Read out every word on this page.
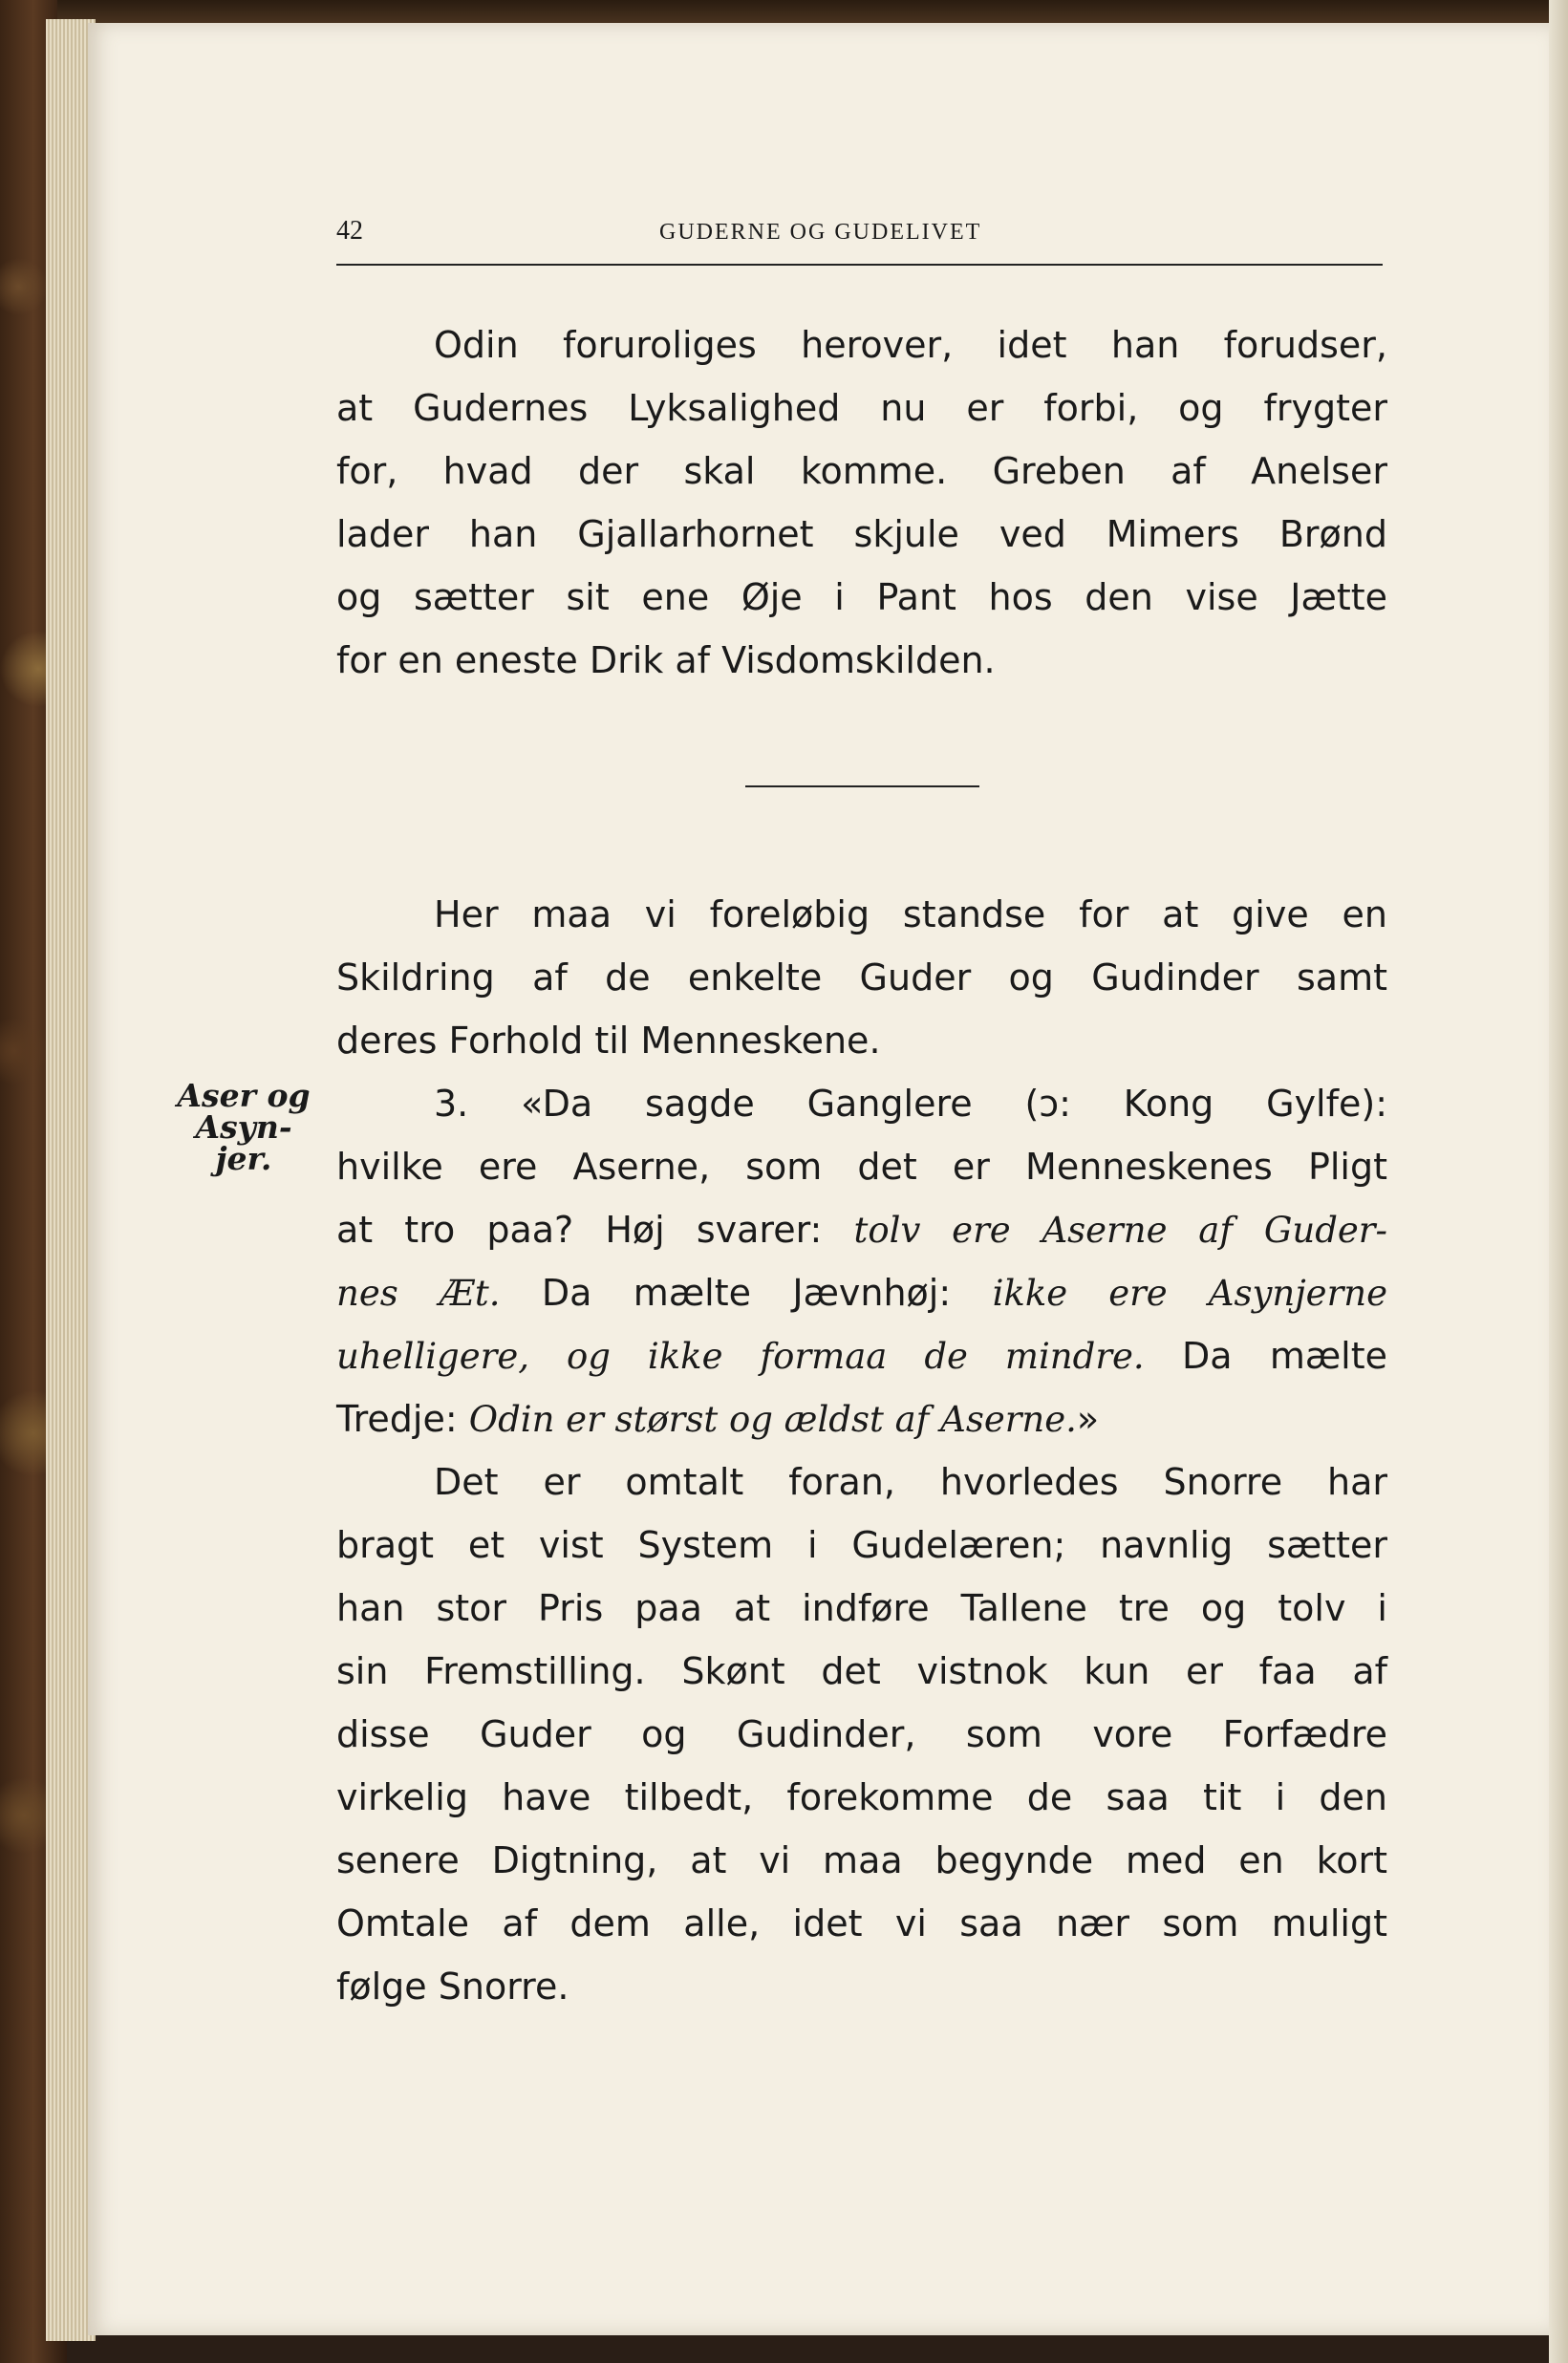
42	GUDERNE OG GUDELIVET
Odin foruroliges herover, idet han forudser,
at Gudernes Lyksalighed nu er forbi, og frygter
for, hvad der skal komme. Greben af Anelser
lader han Gjallarhornet skjule ved Mimers Brønd
og sætter sit ene Øje i Pant hos den vise Jætte
for en eneste Drik af Visdomskilden.
Her maa vi foreløbig standse for at give en
Skildring af de enkelte Guder og Gudinder samt
deres Forhold til Menneskene.
Aser og
Asyn-
jer.
3. «Da sagde Ganglere (ɔ: Kong Gylfe):
hvilke ere Aserne, som det er Menneskenes Pligt
at tro paa? Høj svarer: tolv ere Aserne af Guder-
nes Æt. Da mælte Jævnhøj: ikke ere Asynjerne
uhelligere, og ikke formaa de mindre. Da mælte
Tredje: Odin er størst og ældst af Aserne.»
Det er omtalt foran, hvorledes Snorre har
bragt et vist System i Gudelæren; navnlig sætter
han stor Pris paa at indføre Tallene tre og tolv i
sin Fremstilling. Skønt det vistnok kun er faa af
disse Guder og Gudinder, som vore Forfædre
virkelig have tilbedt, forekomme de saa tit i den
senere Digtning, at vi maa begynde med en kort
Omtale af dem alle, idet vi saa nær som muligt
følge Snorre.
